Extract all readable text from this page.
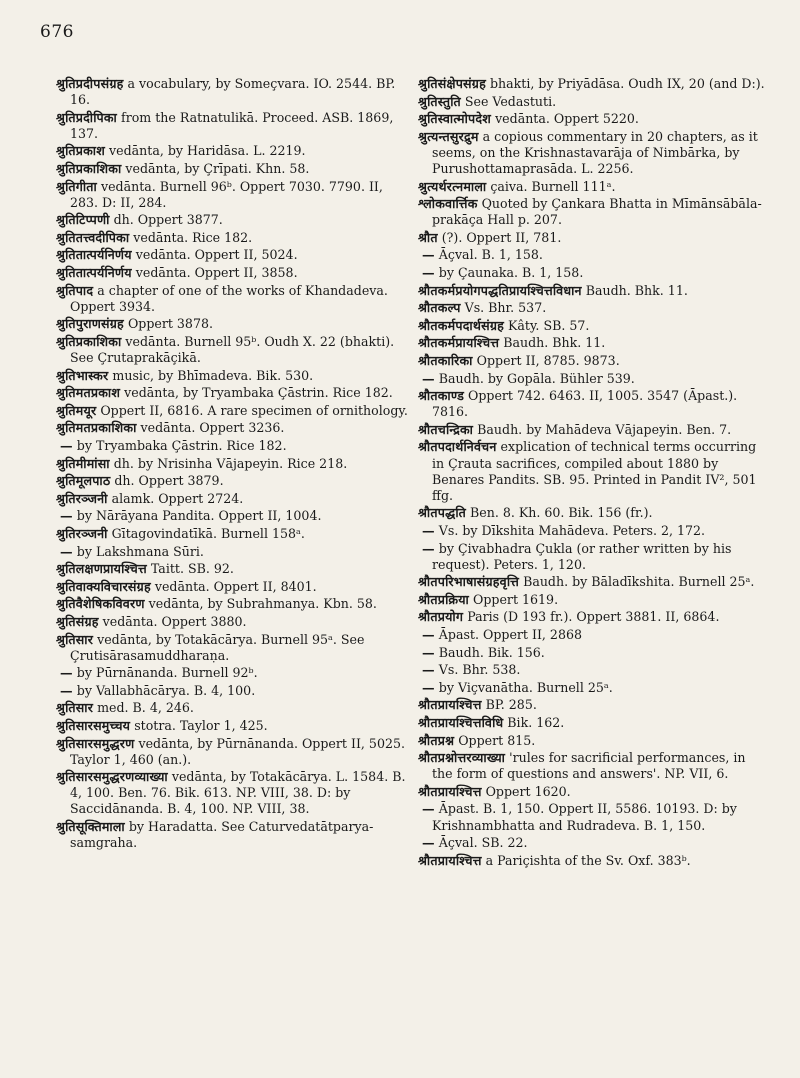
676
श्रुतिप्रदीपसंग्रह a vocabulary, by Someçvara. IO. 2544. BP. 16.
श्रुतिप्रदीपिका from the Ratnatulikā. Proceed. ASB. 1869, 137.
श्रुतिप्रकाश vedānta, by Haridāsa. L. 2219.
श्रुतिप्रकाशिका vedānta, by Çrīpati. Khn. 58.
श्रुतिगीता vedānta. Burnell 96ᵇ. Oppert 7030. 7790. II, 283. D: II, 284.
श्रुतिटिप्पणी dh. Oppert 3877.
श्रुतितत्त्वदीपिका vedānta. Rice 182.
श्रुतितात्पर्यनिर्णय vedānta. Oppert II, 5024.
श्रुतितात्पर्यनिर्णय vedānta. Oppert II, 3858.
श्रुतिपाद a chapter of one of the works of Khandadeva. Oppert 3934.
श्रुतिपुराणसंग्रह Oppert 3878.
श्रुतिप्रकाशिका vedānta. Burnell 95ᵇ. Oudh X. 22 (bhakti). See Çrutaprakāçikā.
श्रुतिभास्कर music, by Bhīmadeva. Bik. 530.
श्रुतिमतप्रकाश vedānta, by Tryambaka Çāstrin. Rice 182.
श्रुतिमयूर Oppert II, 6816. A rare specimen of ornithology.
श्रुतिमतप्रकाशिका vedānta. Oppert 3236.
— by Tryambaka Çāstrin. Rice 182.
श्रुतिमीमांसा dh. by Nrisinha Vājapeyin. Rice 218.
श्रुतिमूलपाठ dh. Oppert 3879.
श्रुतिरञ्जनी alamk. Oppert 2724.
— by Nārāyana Pandita. Oppert II, 1004.
श्रुतिरञ्जनी Gītagovindatīkā. Burnell 158ᵃ.
— by Lakshmana Sūri.
श्रुतिलक्षणप्रायश्चित्त Taitt. SB. 92.
श्रुतिवाक्यविचारसंग्रह vedānta. Oppert II, 8401.
श्रुतिवैशेषिकविवरण vedānta, by Subrahmanya. Kbn. 58.
श्रुतिसंग्रह vedānta. Oppert 3880.
श्रुतिसार vedānta, by Totakācārya. Burnell 95ᵃ. See Çrutisārasamuddharaṇa.
— by Pūrnānanda. Burnell 92ᵇ.
— by Vallabhācārya. B. 4, 100.
श्रुतिसार med. B. 4, 246.
श्रुतिसारसमुच्चय stotra. Taylor 1, 425.
श्रुतिसारसमुद्धरण vedānta, by Pūrnānanda. Oppert II, 5025. Taylor 1, 460 (an.).
श्रुतिसारसमुद्धरणव्याख्या vedānta, by Totakācārya. L. 1584. B. 4, 100. Ben. 76. Bik. 613. NP. VIII, 38. D: by Saccidānanda. B. 4, 100. NP. VIII, 38.
श्रुतिसूक्तिमाला by Haradatta. See Caturvedatātparya-samgraha.
श्रुतिसंक्षेपसंग्रह bhakti, by Priyādāsa. Oudh IX, 20 (and D:).
श्रुतिस्तुति See Vedastuti.
श्रुतिस्वात्मोपदेश vedānta. Oppert 5220.
श्रुत्यन्तसुरद्रुम a copious commentary in 20 chapters, as it seems, on the Krishnastavarāja of Nimbārka, by Purushottamaprasāda. L. 2256.
श्रुत्यर्थरत्नमाला çaiva. Burnell 111ᵃ.
श्लोकवार्त्तिक Quoted by Çankara Bhatta in Mīmānsābāla-prakāça Hall p. 207.
श्रौत (?). Oppert II, 781.
— Āçval. B. 1, 158.
— by Çaunaka. B. 1, 158.
श्रौतकर्मप्रयोगपद्धतिप्रायश्चित्तविधान Baudh. Bhk. 11.
श्रौतकल्प Vs. Bhr. 537.
श्रौतकर्मपदार्थसंग्रह Kâty. SB. 57.
श्रौतकर्मप्रायश्चित्त Baudh. Bhk. 11.
श्रौतकारिका Oppert II, 8785. 9873.
— Baudh. by Gopāla. Bühler 539.
श्रौतकाण्ड Oppert 742. 6463. II, 1005. 3547 (Āpast.). 7816.
श्रौतचन्द्रिका Baudh. by Mahādeva Vājapeyin. Ben. 7.
श्रौतपदार्थनिर्वचन explication of technical terms occurring in Çrauta sacrifices, compiled about 1880 by Benares Pandits. SB. 95. Printed in Pandit IV², 501 ffg.
श्रौतपद्धति Ben. 8. Kh. 60. Bik. 156 (fr.).
— Vs. by Dīkshita Mahādeva. Peters. 2, 172.
— by Çivabhadra Çukla (or rather written by his request). Peters. 1, 120.
श्रौतपरिभाषासंग्रहवृत्ति Baudh. by Bāladīkshita. Burnell 25ᵃ.
श्रौतप्रक्रिया Oppert 1619.
श्रौतप्रयोग Paris (D 193 fr.). Oppert 3881. II, 6864.
— Āpast. Oppert II, 2868
— Baudh. Bik. 156.
— Vs. Bhr. 538.
— by Viçvanātha. Burnell 25ᵃ.
श्रौतप्रायश्चित्त BP. 285.
श्रौतप्रायश्चित्तविधि Bik. 162.
श्रौतप्रश्न Oppert 815.
श्रौतप्रश्नोत्तरव्याख्या 'rules for sacrificial performances, in the form of questions and answers'. NP. VII, 6.
श्रौतप्रायश्चित्त Oppert 1620.
— Āpast. B. 1, 150. Oppert II, 5586. 10193. D: by Krishnambhatta and Rudradeva. B. 1, 150.
— Āçval. SB. 22.
श्रौतप्रायश्चित्त a Pariçishta of the Sv. Oxf. 383ᵇ.
